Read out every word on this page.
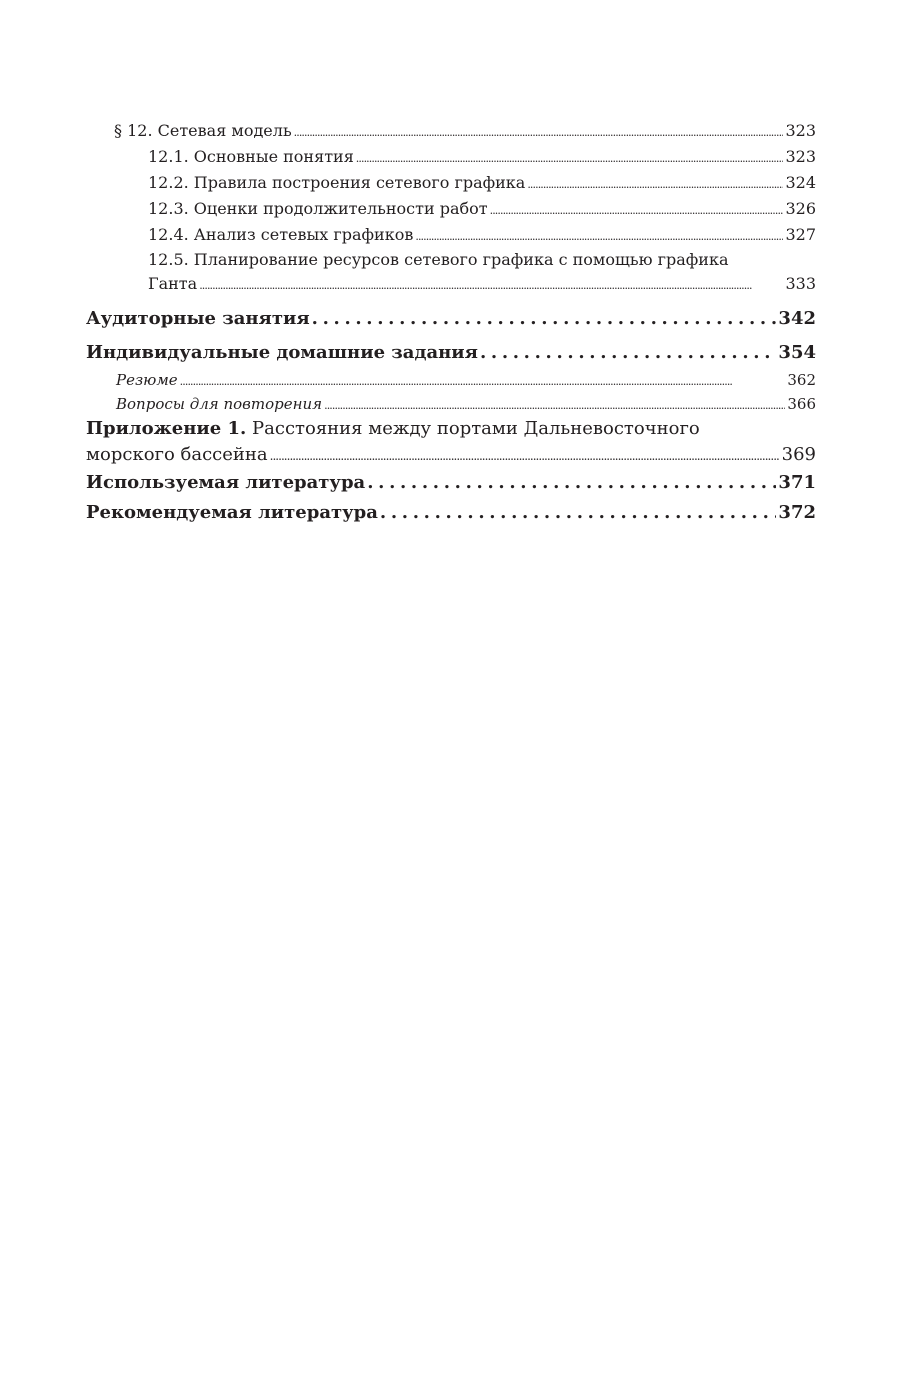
§ 12. Сетевая модель . . .	323
12.1. Основные понятия . . .	323
12.2. Правила построения сетевого графика . . .	324
12.3. Оценки продолжительности работ . . .	326
12.4. Анализ сетевых графиков . . .	327
12.5. Планирование ресурсов сетевого графика с помощью графика
Ганта . . .	333
Аудиторные занятия . . .	342
Индивидуальные домашние задания . . .	354
Резюме . . .	362
Вопросы для повторения . . .	366
Приложение 1. Расстояния между портами Дальневосточного
морского бассейна . . .	369
Используемая литература . . .	371
Рекомендуемая литература . . .	372
